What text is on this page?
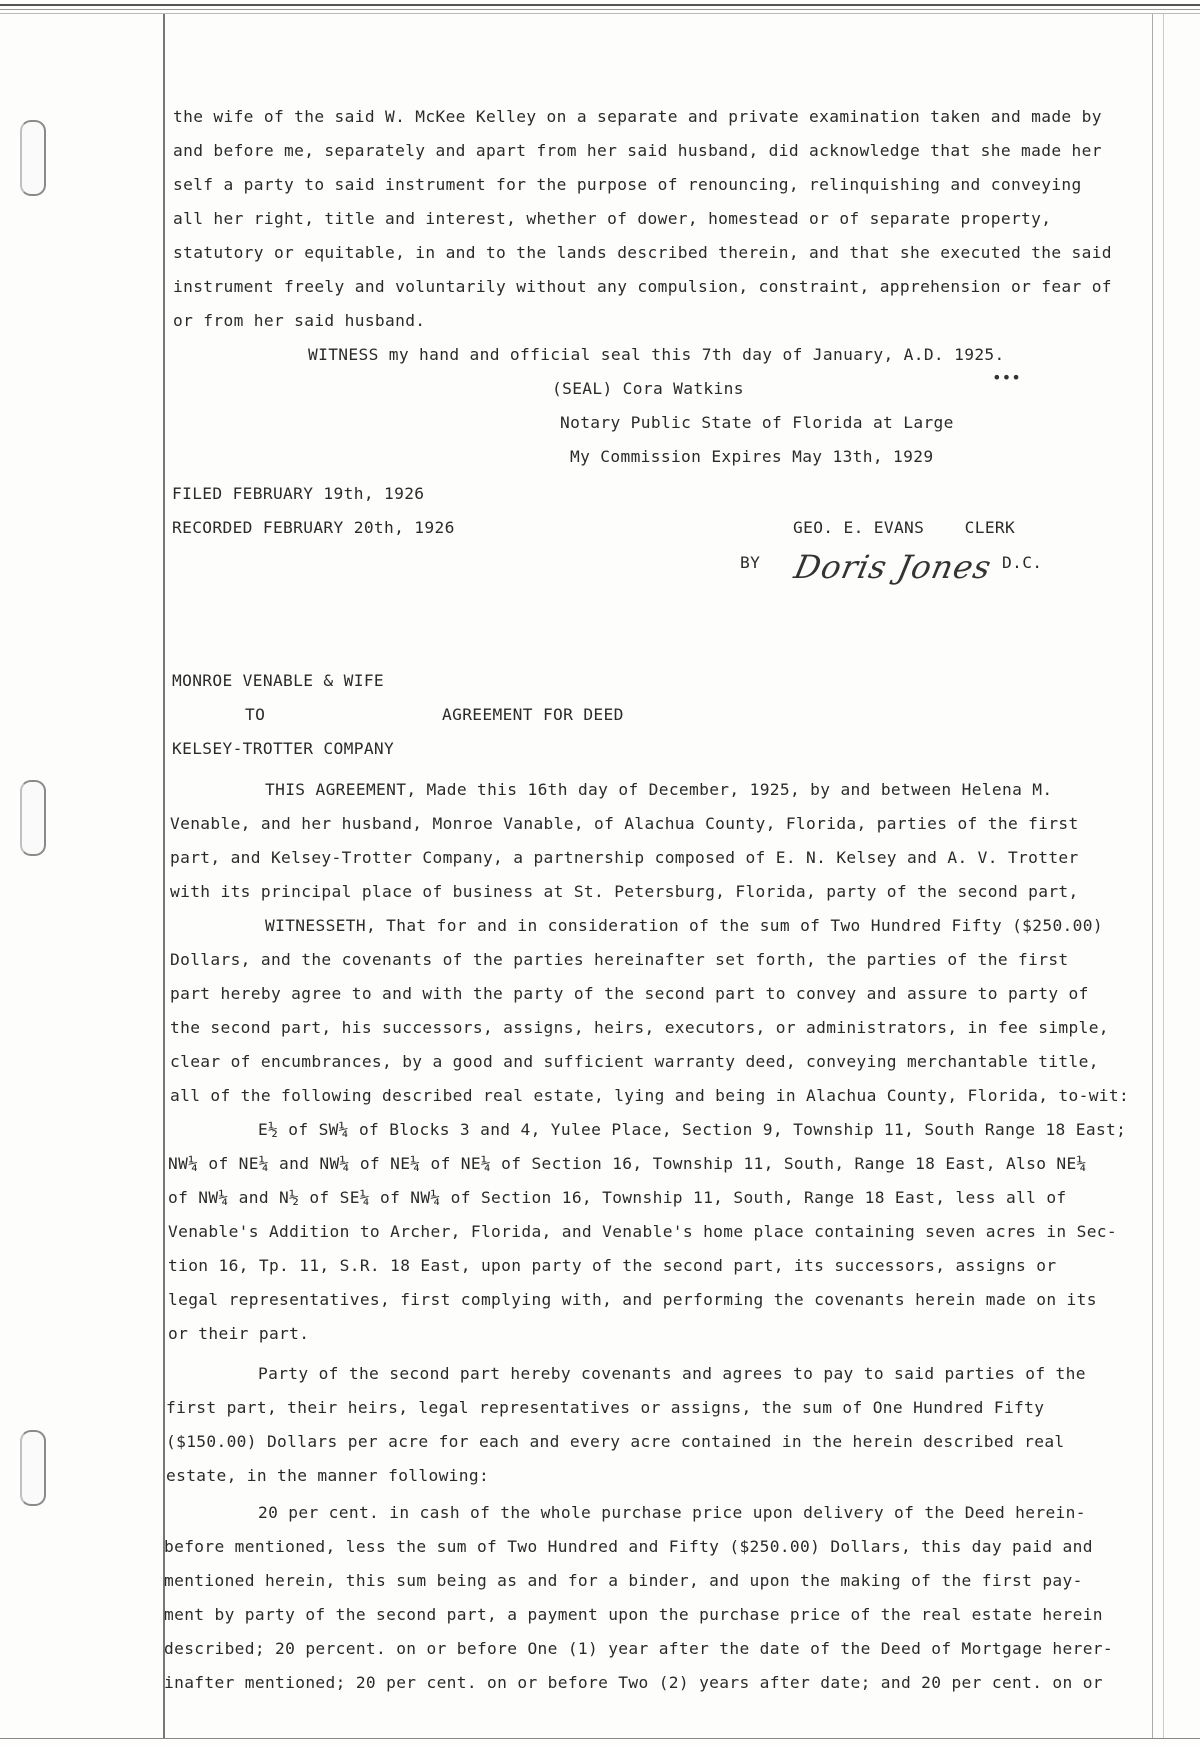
the wife of the said W. McKee Kelley on a separate and private examination taken and made by
and before me, separately and apart from her said husband, did acknowledge that she made her
self a party to said instrument for the purpose of renouncing, relinquishing and conveying
all her right, title and interest, whether of dower, homestead or of separate property,
statutory or equitable, in and to the lands described therein, and that she executed the said
instrument freely and voluntarily without any compulsion, constraint, apprehension or fear of
or from her said husband.
WITNESS my hand and official seal this 7th day of January, A.D. 1925.
•••
(SEAL) Cora Watkins
Notary Public State of Florida at Large
My Commission Expires May 13th, 1929
FILED FEBRUARY 19th, 1926
RECORDED FEBRUARY 20th, 1926	GEO. E. EVANS    CLERK
BY Doris Jones D.C.
MONROE VENABLE & WIFE
TO	AGREEMENT FOR DEED
KELSEY-TROTTER COMPANY
THIS AGREEMENT, Made this 16th day of December, 1925, by and between Helena M.
Venable, and her husband, Monroe Vanable, of Alachua County, Florida, parties of the first
part, and Kelsey-Trotter Company, a partnership composed of E. N. Kelsey and A. V. Trotter
with its principal place of business at St. Petersburg, Florida, party of the second part,
WITNESSETH, That for and in consideration of the sum of Two Hundred Fifty ($250.00)
Dollars, and the covenants of the parties hereinafter set forth, the parties of the first
part hereby agree to and with the party of the second part to convey and assure to party of
the second part, his successors, assigns, heirs, executors, or administrators, in fee simple,
clear of encumbrances, by a good and sufficient warranty deed, conveying merchantable title,
all of the following described real estate, lying and being in Alachua County, Florida, to-wit:
E½ of SW¼ of Blocks 3 and 4, Yulee Place, Section 9, Township 11, South Range 18 East;
NW¼ of NE¼ and NW¼ of NE¼ of NE¼ of Section 16, Township 11, South, Range 18 East, Also NE¼
of NW¼ and N½ of SE¼ of NW¼ of Section 16, Township 11, South, Range 18 East, less all of
Venable's Addition to Archer, Florida, and Venable's home place containing seven acres in Sec-
tion 16, Tp. 11, S.R. 18 East, upon party of the second part, its successors, assigns or
legal representatives, first complying with, and performing the covenants herein made on its
or their part.
Party of the second part hereby covenants and agrees to pay to said parties of the
first part, their heirs, legal representatives or assigns, the sum of One Hundred Fifty
($150.00) Dollars per acre for each and every acre contained in the herein described real
estate, in the manner following:
20 per cent. in cash of the whole purchase price upon delivery of the Deed herein-
before mentioned, less the sum of Two Hundred and Fifty ($250.00) Dollars, this day paid and
mentioned herein, this sum being as and for a binder, and upon the making of the first pay-
ment by party of the second part, a payment upon the purchase price of the real estate herein
described; 20 percent. on or before One (1) year after the date of the Deed of Mortgage herer-
inafter mentioned; 20 per cent. on or before Two (2) years after date; and 20 per cent. on or
